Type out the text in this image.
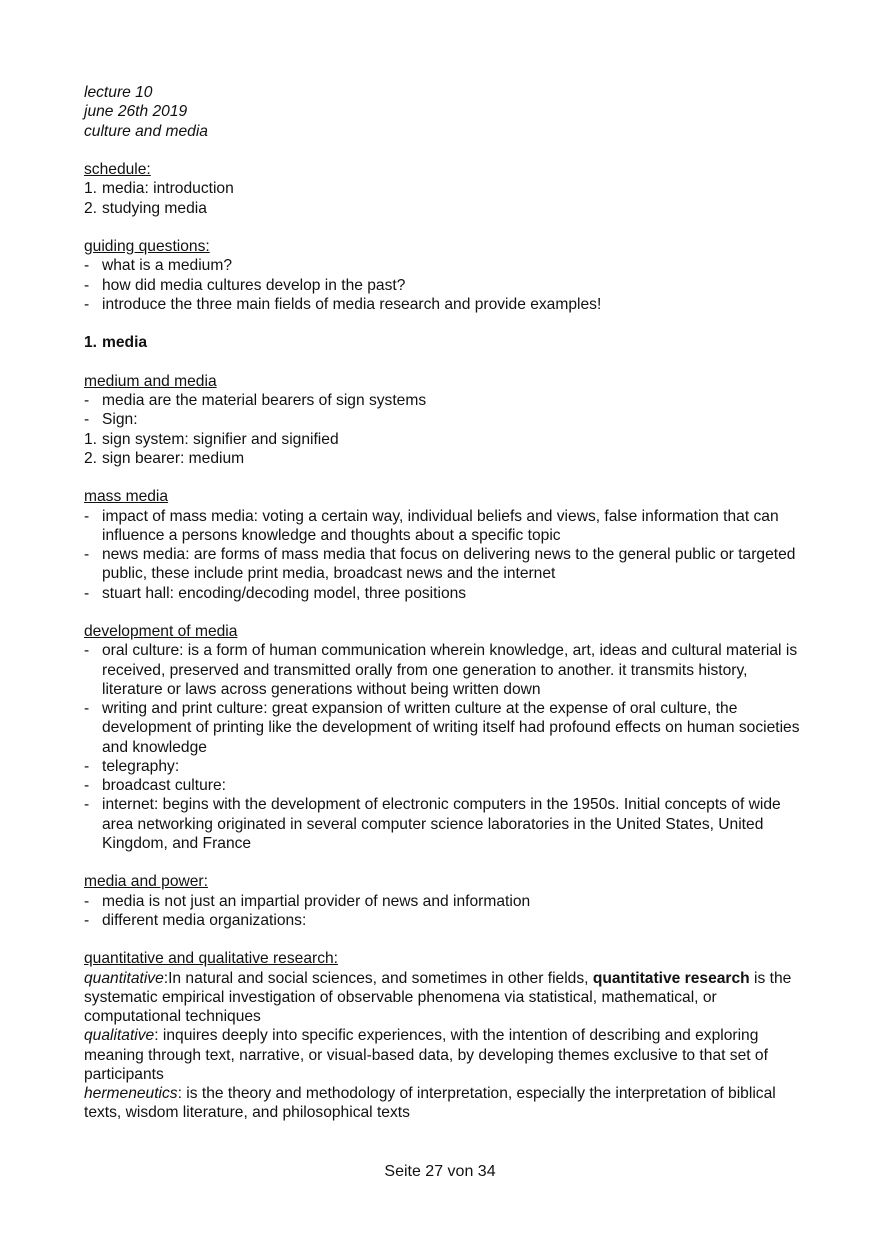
lecture 10
june 26th 2019
culture and media
schedule:
1. media: introduction
2. studying media
guiding questions:
- what is a medium?
- how did media cultures develop in the past?
- introduce the three main fields of media research and provide examples!
1. media
medium and media
- media are the material bearers of sign systems
- Sign:
1. sign system: signifier and signified
2. sign bearer: medium
mass media
- impact of mass media: voting a certain way, individual beliefs and views, false information that can influence a persons knowledge and thoughts about a specific topic
- news media: are forms of mass media that focus on delivering news to the general public or targeted public, these include print media, broadcast news and the internet
- stuart hall: encoding/decoding model, three positions
development of media
- oral culture: is a form of human communication wherein knowledge, art, ideas and cultural material is received, preserved and transmitted orally from one generation to another. it transmits history, literature or laws across generations without being written down
- writing and print culture: great expansion of written culture at the expense of oral culture, the development of printing like the development of writing itself had profound effects on human societies and knowledge
- telegraphy:
- broadcast culture:
- internet: begins with the development of electronic computers in the 1950s. Initial concepts of wide area networking originated in several computer science laboratories in the United States, United Kingdom, and France
media and power:
- media is not just an impartial provider of news and information
- different media organizations:
quantitative and qualitative research:
quantitative:In natural and social sciences, and sometimes in other fields, quantitative research is the systematic empirical investigation of observable phenomena via statistical, mathematical, or computational techniques
qualitative: inquires deeply into specific experiences, with the intention of describing and exploring meaning through text, narrative, or visual-based data, by developing themes exclusive to that set of participants
hermeneutics: is the theory and methodology of interpretation, especially the interpretation of biblical texts, wisdom literature, and philosophical texts
Seite 27 von 34
